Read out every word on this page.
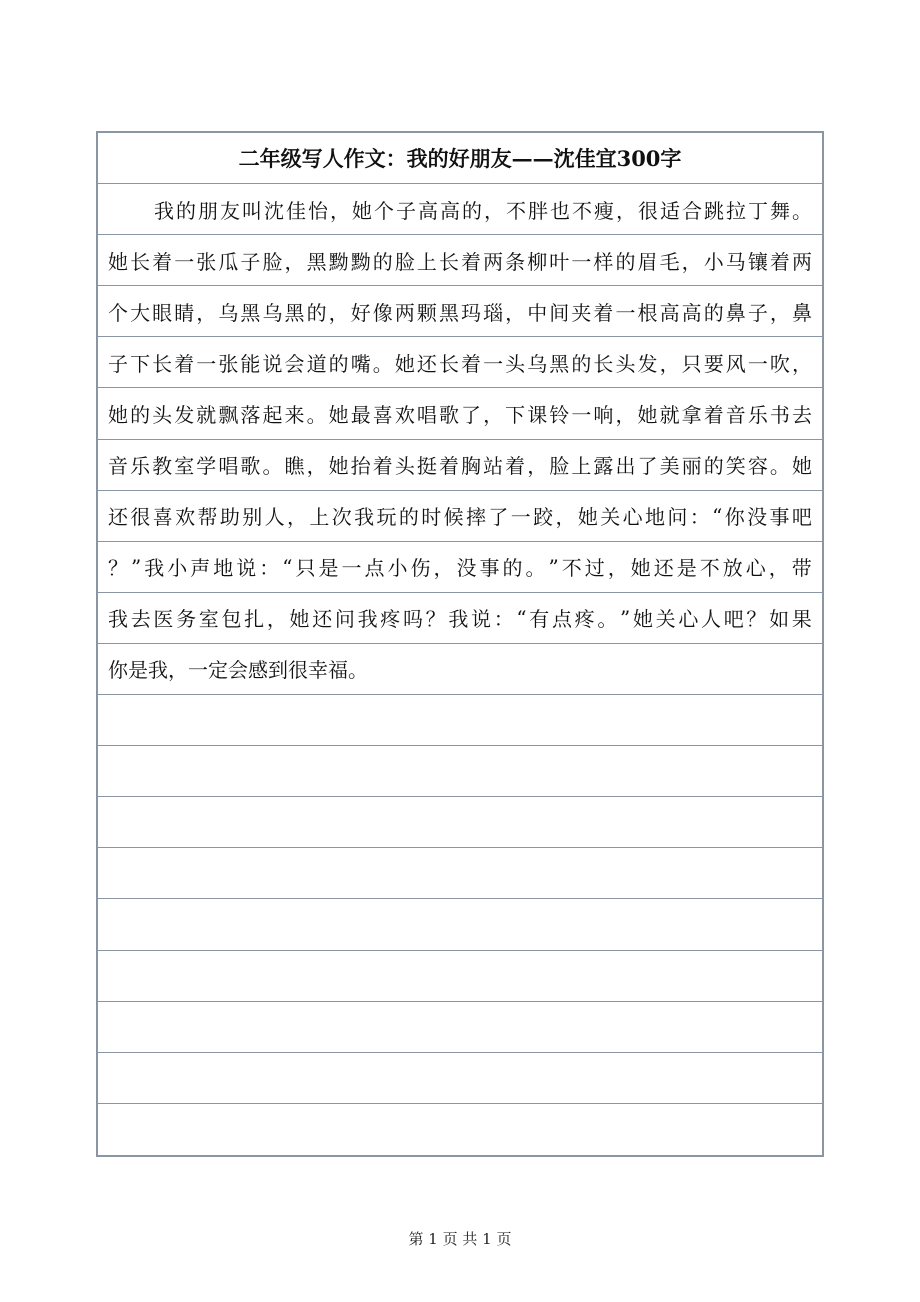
二年级写人作文：我的好朋友——沈佳宜300字
我 的 朋 友 叫 沈 佳 怡 ， 她 个 子 高 高 的 ， 不 胖 也 不 瘦 ， 很 适 合 跳 拉 丁 舞 。
她 长 着 一 张 瓜 子 脸 ， 黑 黝 黝 的 脸 上 长 着 两 条 柳 叶 一 样 的 眉 毛 ， 小 马 镶 着 两
个 大 眼 睛 ， 乌 黑 乌 黑 的 ， 好 像 两 颗 黑 玛 瑙 ， 中 间 夹 着 一 根 高 高 的 鼻 子 ， 鼻
子 下 长 着 一 张 能 说 会 道 的 嘴 。 她 还 长 着 一 头 乌 黑 的 长 头 发 ， 只 要 风 一 吹 ，
她 的 头 发 就 飘 落 起 来 。 她 最 喜 欢 唱 歌 了 ， 下 课 铃 一 响 ， 她 就 拿 着 音 乐 书 去
音 乐 教 室 学 唱 歌 。 瞧 ， 她 抬 着 头 挺 着 胸 站 着 ， 脸 上 露 出 了 美 丽 的 笑 容 。 她
还 很 喜 欢 帮 助 别 人 ， 上 次 我 玩 的 时 候 摔 了 一 跤 ， 她 关 心 地 问 ： “ 你 没 事 吧
？ ” 我 小 声 地 说 ： “ 只 是 一 点 小 伤 ， 没 事 的 。 ” 不 过 ， 她 还 是 不 放 心 ， 带
我 去 医 务 室 包 扎 ， 她 还 问 我 疼 吗 ？ 我 说 ： “ 有 点 疼 。 ” 她 关 心 人 吧 ？ 如 果
你是我，一定会感到很幸福。
第 1 页 共 1 页
